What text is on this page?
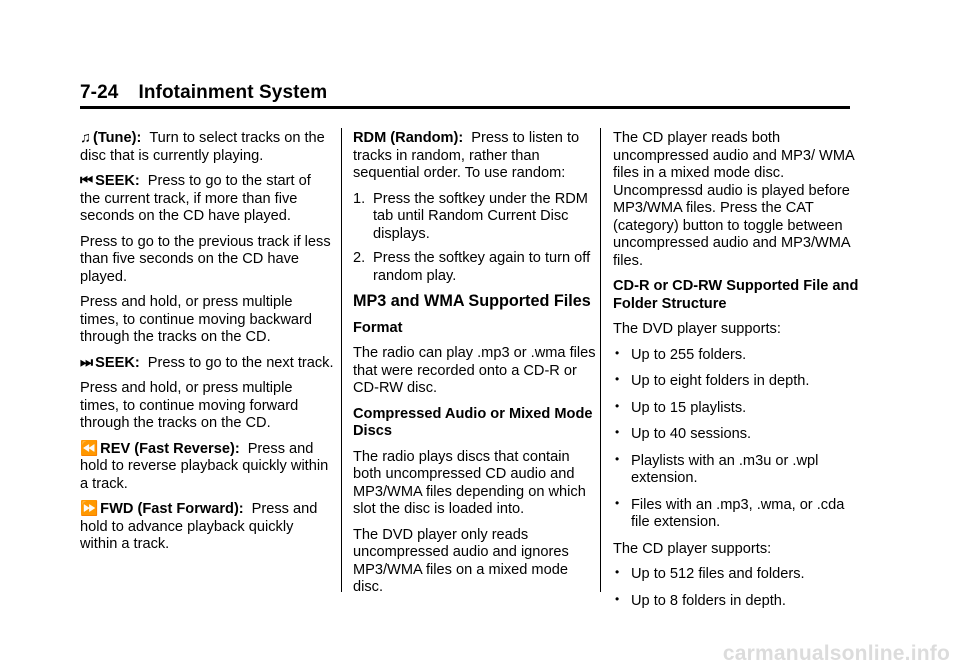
7-24 Infotainment System

♫ (Tune): Turn to select tracks on the disc that is currently playing.

⏮ SEEK: Press to go to the start of the current track, if more than five seconds on the CD have played.

Press to go to the previous track if less than five seconds on the CD have played.

Press and hold, or press multiple times, to continue moving backward through the tracks on the CD.

⏭ SEEK: Press to go to the next track.

Press and hold, or press multiple times, to continue moving forward through the tracks on the CD.

⏪ REV (Fast Reverse): Press and hold to reverse playback quickly within a track.

⏩ FWD (Fast Forward): Press and hold to advance playback quickly within a track.

RDM (Random): Press to listen to tracks in random, rather than sequential order. To use random:

1. Press the softkey under the RDM tab until Random Current Disc displays.
2. Press the softkey again to turn off random play.
MP3 and WMA Supported Files
Format

The radio can play .mp3 or .wma files that were recorded onto a CD-R or CD-RW disc.

Compressed Audio or Mixed Mode Discs

The radio plays discs that contain both uncompressed CD audio and MP3/WMA files depending on which slot the disc is loaded into.

The DVD player only reads uncompressed audio and ignores MP3/WMA files on a mixed mode disc.

The CD player reads both uncompressed audio and MP3/ WMA files in a mixed mode disc. Uncompressd audio is played before MP3/WMA files. Press the CAT (category) button to toggle between uncompressed audio and MP3/WMA files.

CD-R or CD-RW Supported File and Folder Structure

The DVD player supports:

• Up to 255 folders.
• Up to eight folders in depth.
• Up to 15 playlists.
• Up to 40 sessions.
• Playlists with an .m3u or .wpl extension.
• Files with an .mp3, .wma, or .cda file extension.

The CD player supports:

• Up to 512 files and folders.
• Up to 8 folders in depth.
carmanualsonline.info
